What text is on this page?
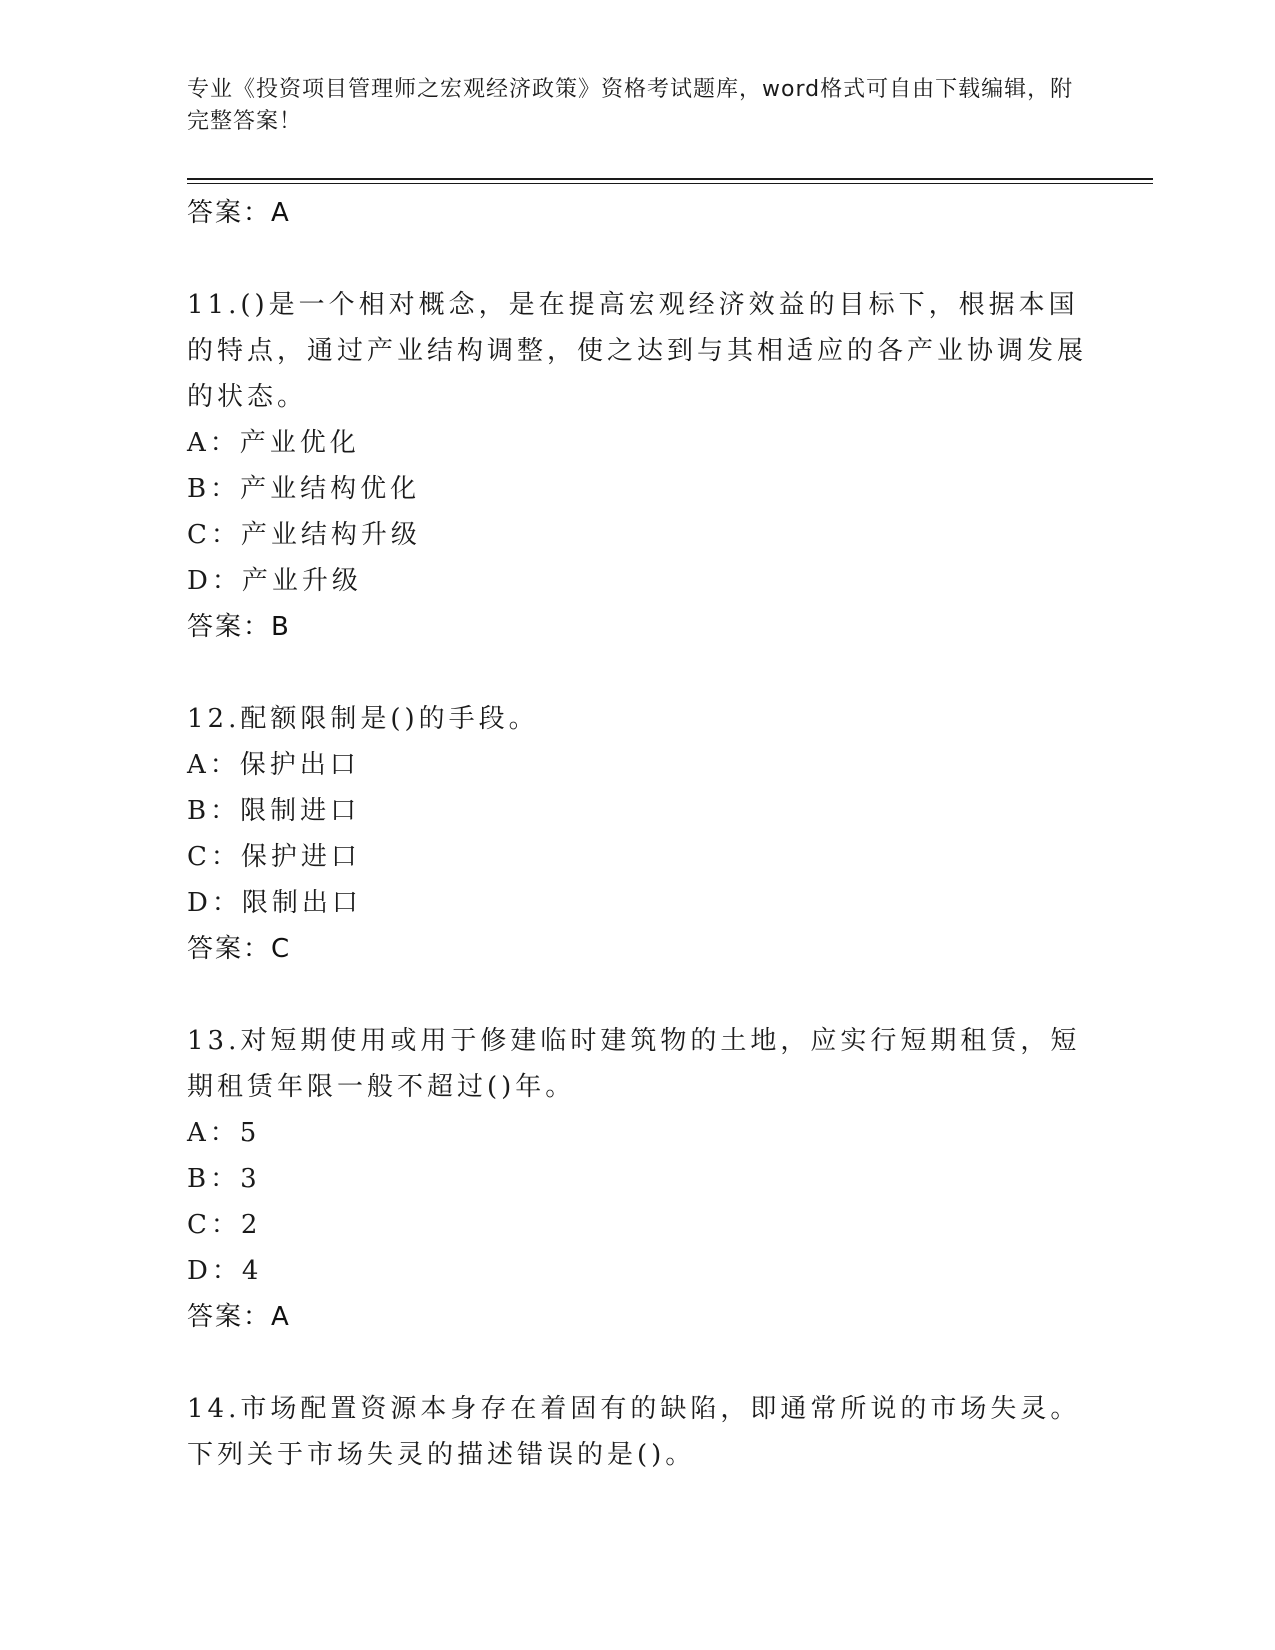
专业《投资项目管理师之宏观经济政策》资格考试题库，word格式可自由下载编辑，附完整答案！
答案：A
11.()是一个相对概念，是在提高宏观经济效益的目标下，根据本国的特点，通过产业结构调整，使之达到与其相适应的各产业协调发展的状态。
A：产业优化
B：产业结构优化
C：产业结构升级
D：产业升级
答案：B
12.配额限制是()的手段。
A：保护出口
B：限制进口
C：保护进口
D：限制出口
答案：C
13.对短期使用或用于修建临时建筑物的土地，应实行短期租赁，短期租赁年限一般不超过()年。
A：5
B：3
C：2
D：4
答案：A
14.市场配置资源本身存在着固有的缺陷，即通常所说的市场失灵。下列关于市场失灵的描述错误的是()。
